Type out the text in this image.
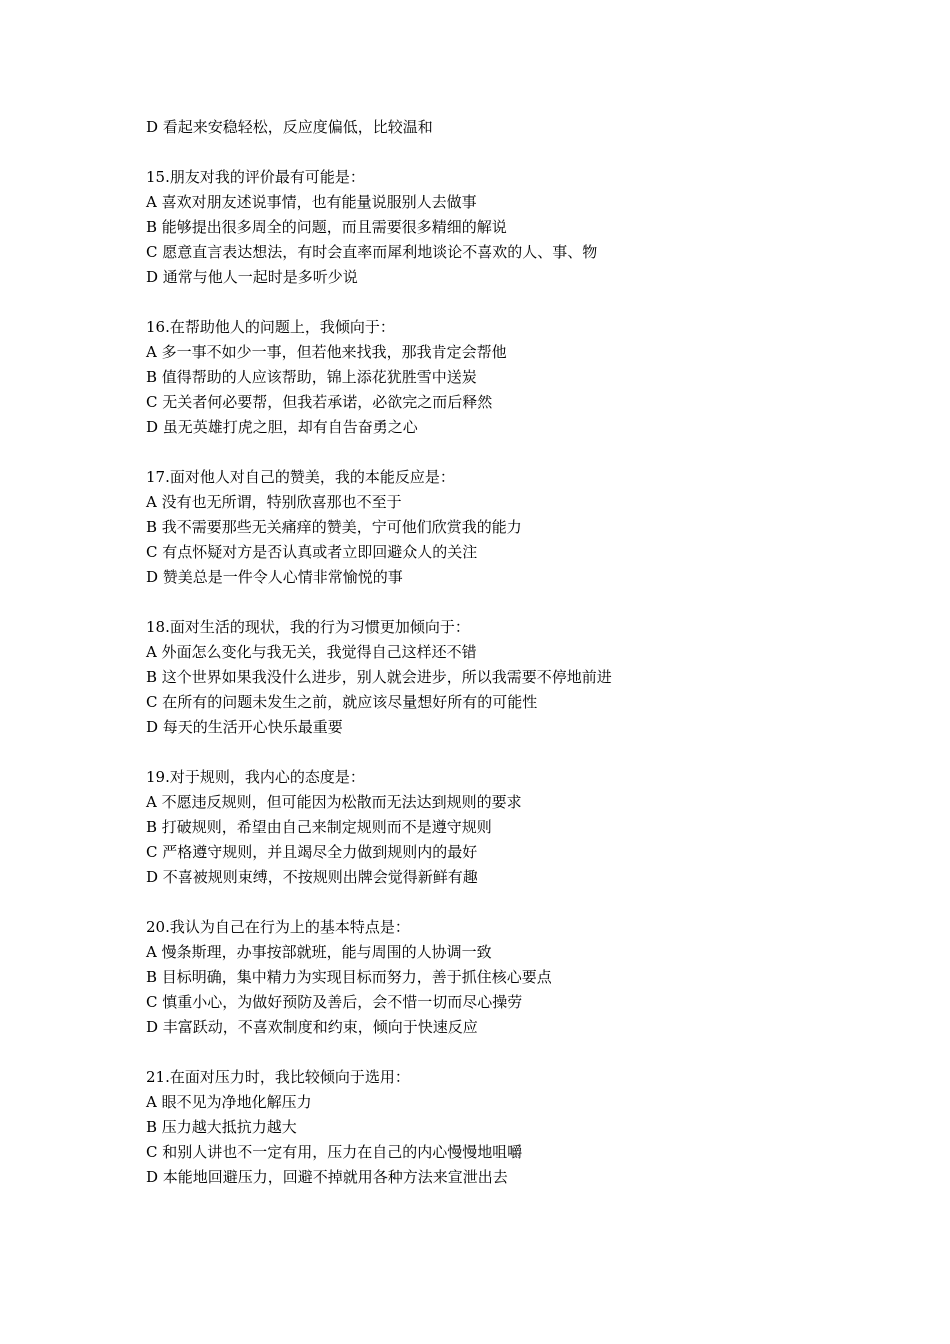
D 看起来安稳轻松，反应度偏低，比较温和
15.朋友对我的评价最有可能是：
A 喜欢对朋友述说事情，也有能量说服别人去做事
B 能够提出很多周全的问题，而且需要很多精细的解说
C 愿意直言表达想法，有时会直率而犀利地谈论不喜欢的人、事、物
D 通常与他人一起时是多听少说
16.在帮助他人的问题上，我倾向于：
A 多一事不如少一事，但若他来找我，那我肯定会帮他
B 值得帮助的人应该帮助，锦上添花犹胜雪中送炭
C 无关者何必要帮，但我若承诺，必欲完之而后释然
D 虽无英雄打虎之胆，却有自告奋勇之心
17.面对他人对自己的赞美，我的本能反应是：
A 没有也无所谓，特别欣喜那也不至于
B 我不需要那些无关痛痒的赞美，宁可他们欣赏我的能力
C 有点怀疑对方是否认真或者立即回避众人的关注
D 赞美总是一件令人心情非常愉悦的事
18.面对生活的现状，我的行为习惯更加倾向于：
A 外面怎么变化与我无关，我觉得自己这样还不错
B 这个世界如果我没什么进步，别人就会进步，所以我需要不停地前进
C 在所有的问题未发生之前，就应该尽量想好所有的可能性
D 每天的生活开心快乐最重要
19.对于规则，我内心的态度是：
A 不愿违反规则，但可能因为松散而无法达到规则的要求
B 打破规则，希望由自己来制定规则而不是遵守规则
C 严格遵守规则，并且竭尽全力做到规则内的最好
D 不喜被规则束缚，不按规则出牌会觉得新鲜有趣
20.我认为自己在行为上的基本特点是：
A 慢条斯理，办事按部就班，能与周围的人协调一致
B 目标明确，集中精力为实现目标而努力，善于抓住核心要点
C 慎重小心，为做好预防及善后，会不惜一切而尽心操劳
D 丰富跃动，不喜欢制度和约束，倾向于快速反应
21.在面对压力时，我比较倾向于选用：
A 眼不见为净地化解压力
B 压力越大抵抗力越大
C 和别人讲也不一定有用，压力在自己的内心慢慢地咀嚼
D 本能地回避压力，回避不掉就用各种方法来宣泄出去
